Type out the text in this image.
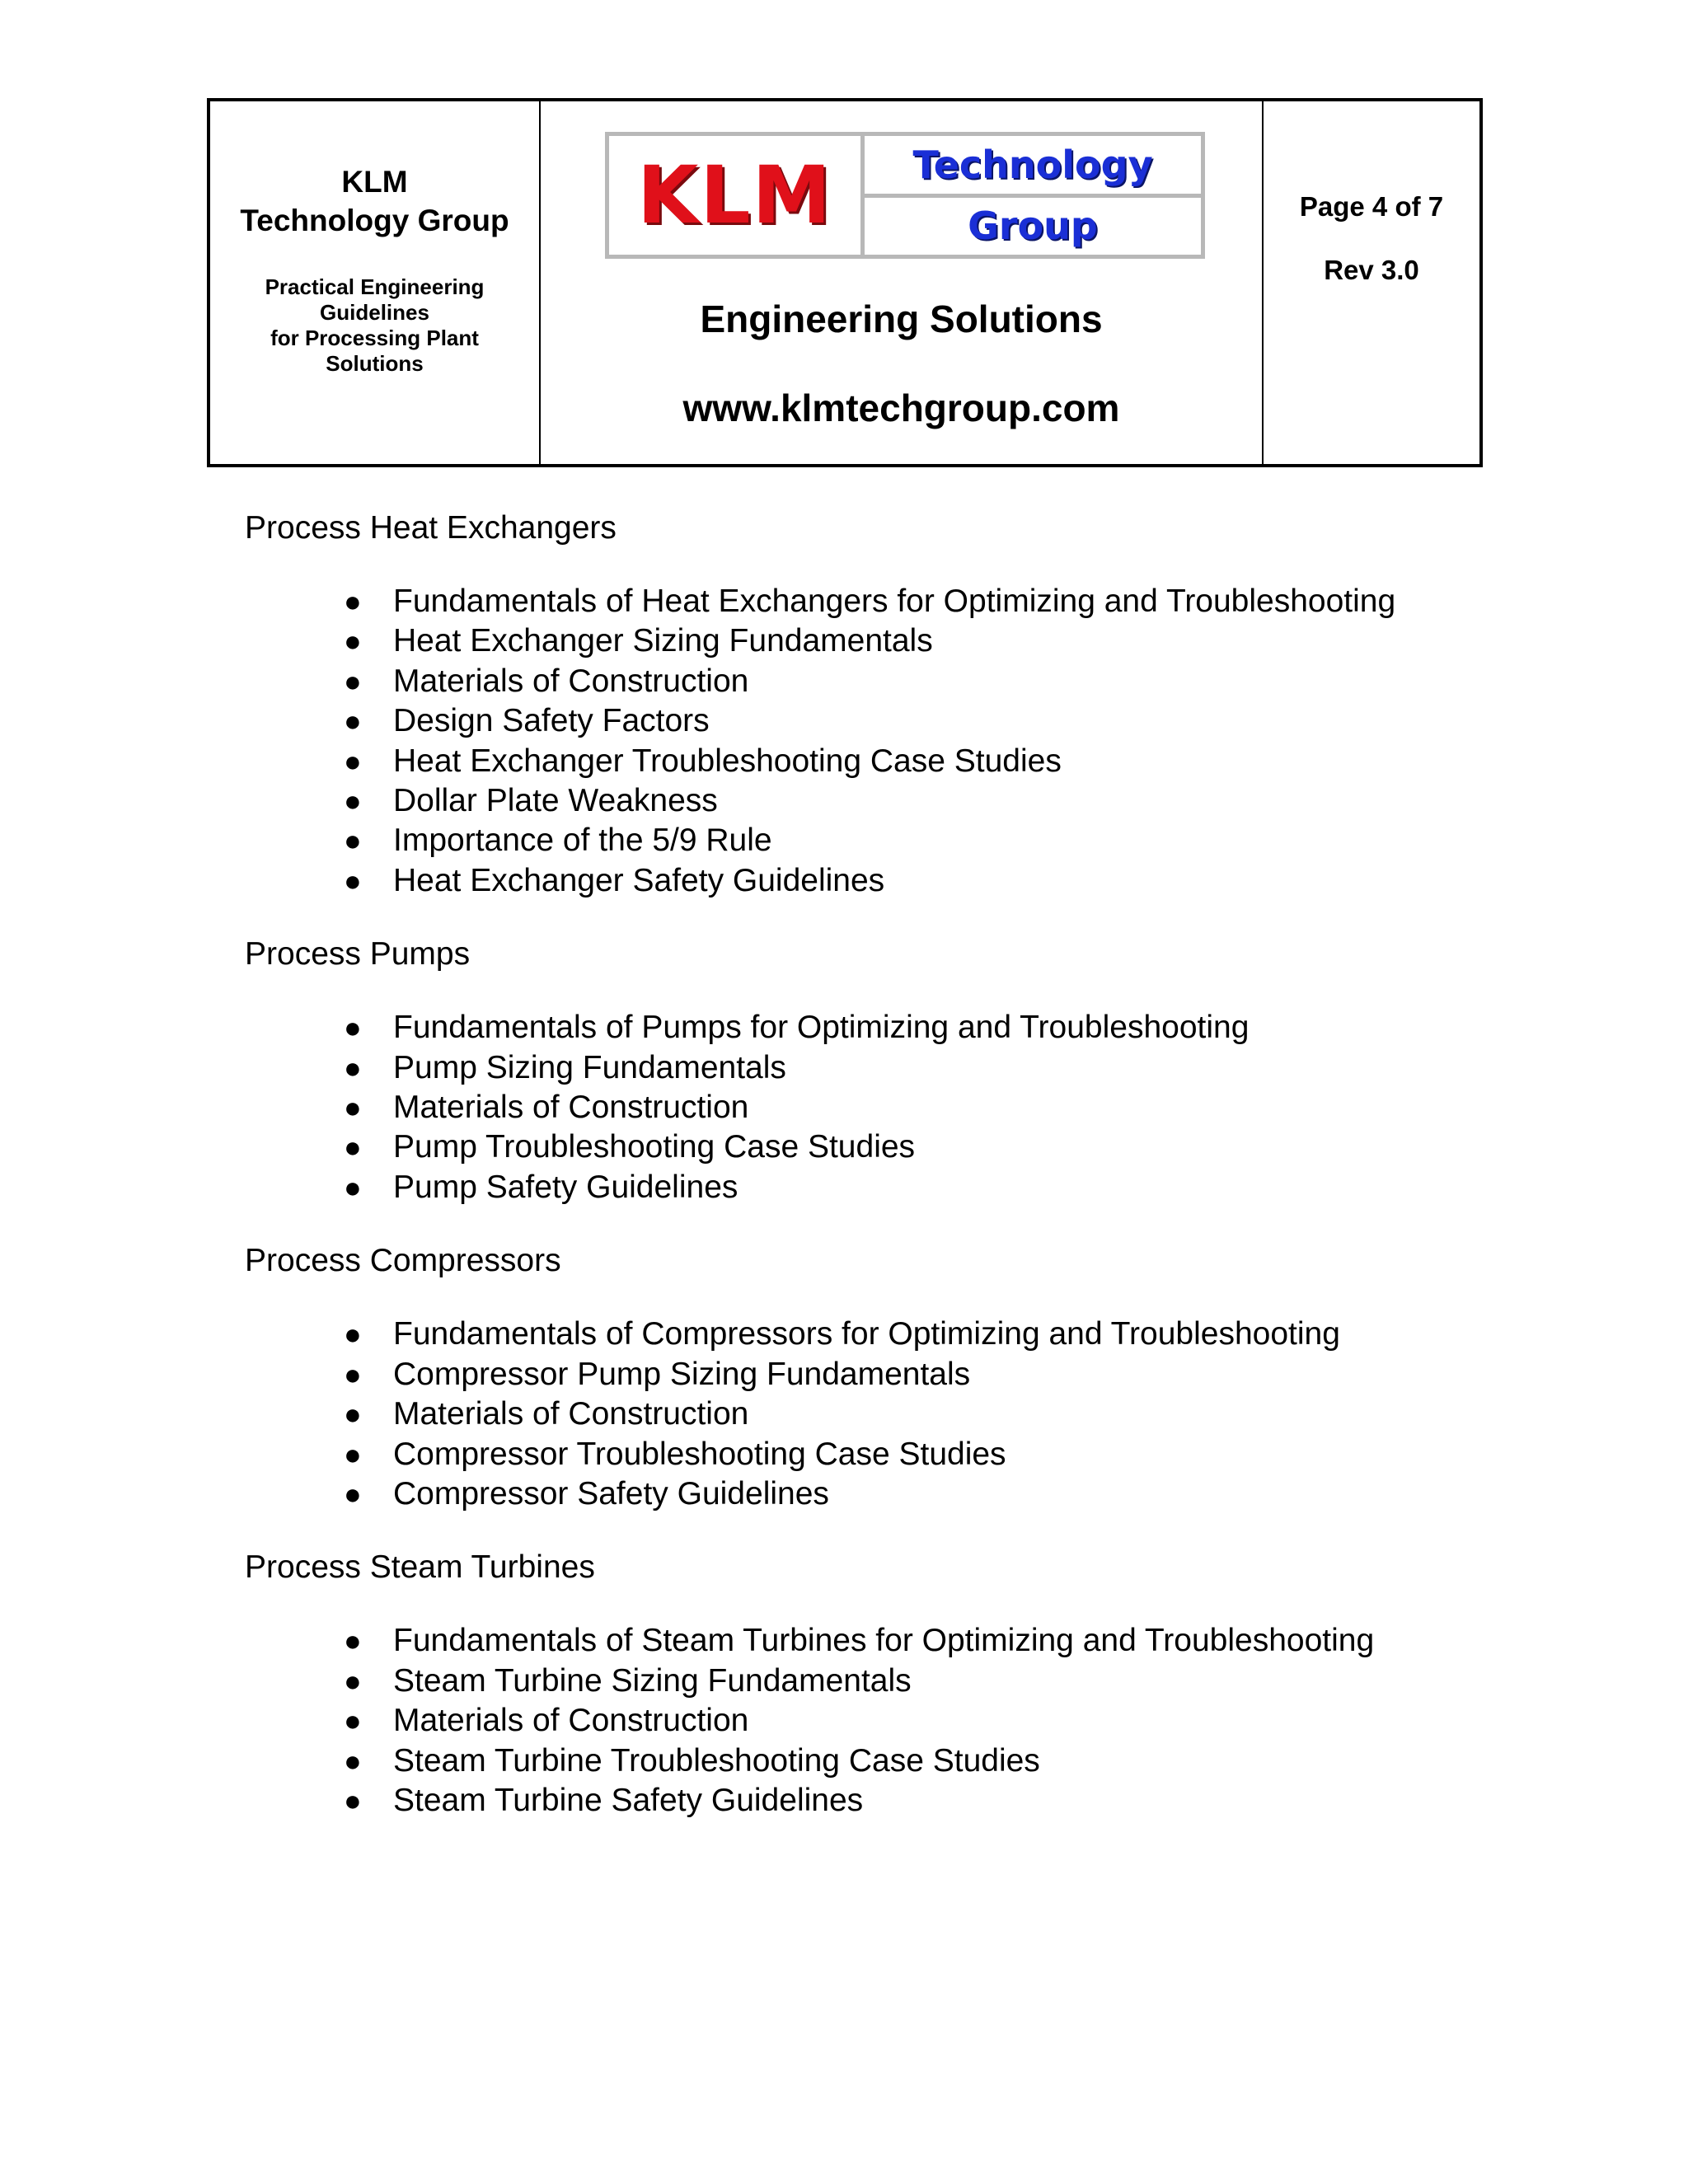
KLM
Technology Group
Practical Engineering
Guidelines
for Processing Plant
Solutions
KLM	Technology
Group
Engineering Solutions
www.klmtechgroup.com
Page 4 of 7
Rev 3.0
Process Heat Exchangers
● Fundamentals of Heat Exchangers for Optimizing and Troubleshooting
● Heat Exchanger Sizing Fundamentals
● Materials of Construction
● Design Safety Factors
● Heat Exchanger Troubleshooting Case Studies
● Dollar Plate Weakness
● Importance of the 5/9 Rule
● Heat Exchanger Safety Guidelines
Process Pumps
● Fundamentals of Pumps for Optimizing and Troubleshooting
● Pump Sizing Fundamentals
● Materials of Construction
● Pump Troubleshooting Case Studies
● Pump Safety Guidelines
Process Compressors
● Fundamentals of Compressors for Optimizing and Troubleshooting
● Compressor Pump Sizing Fundamentals
● Materials of Construction
● Compressor Troubleshooting Case Studies
● Compressor Safety Guidelines
Process Steam Turbines
● Fundamentals of Steam Turbines for Optimizing and Troubleshooting
● Steam Turbine Sizing Fundamentals
● Materials of Construction
● Steam Turbine Troubleshooting Case Studies
● Steam Turbine Safety Guidelines
